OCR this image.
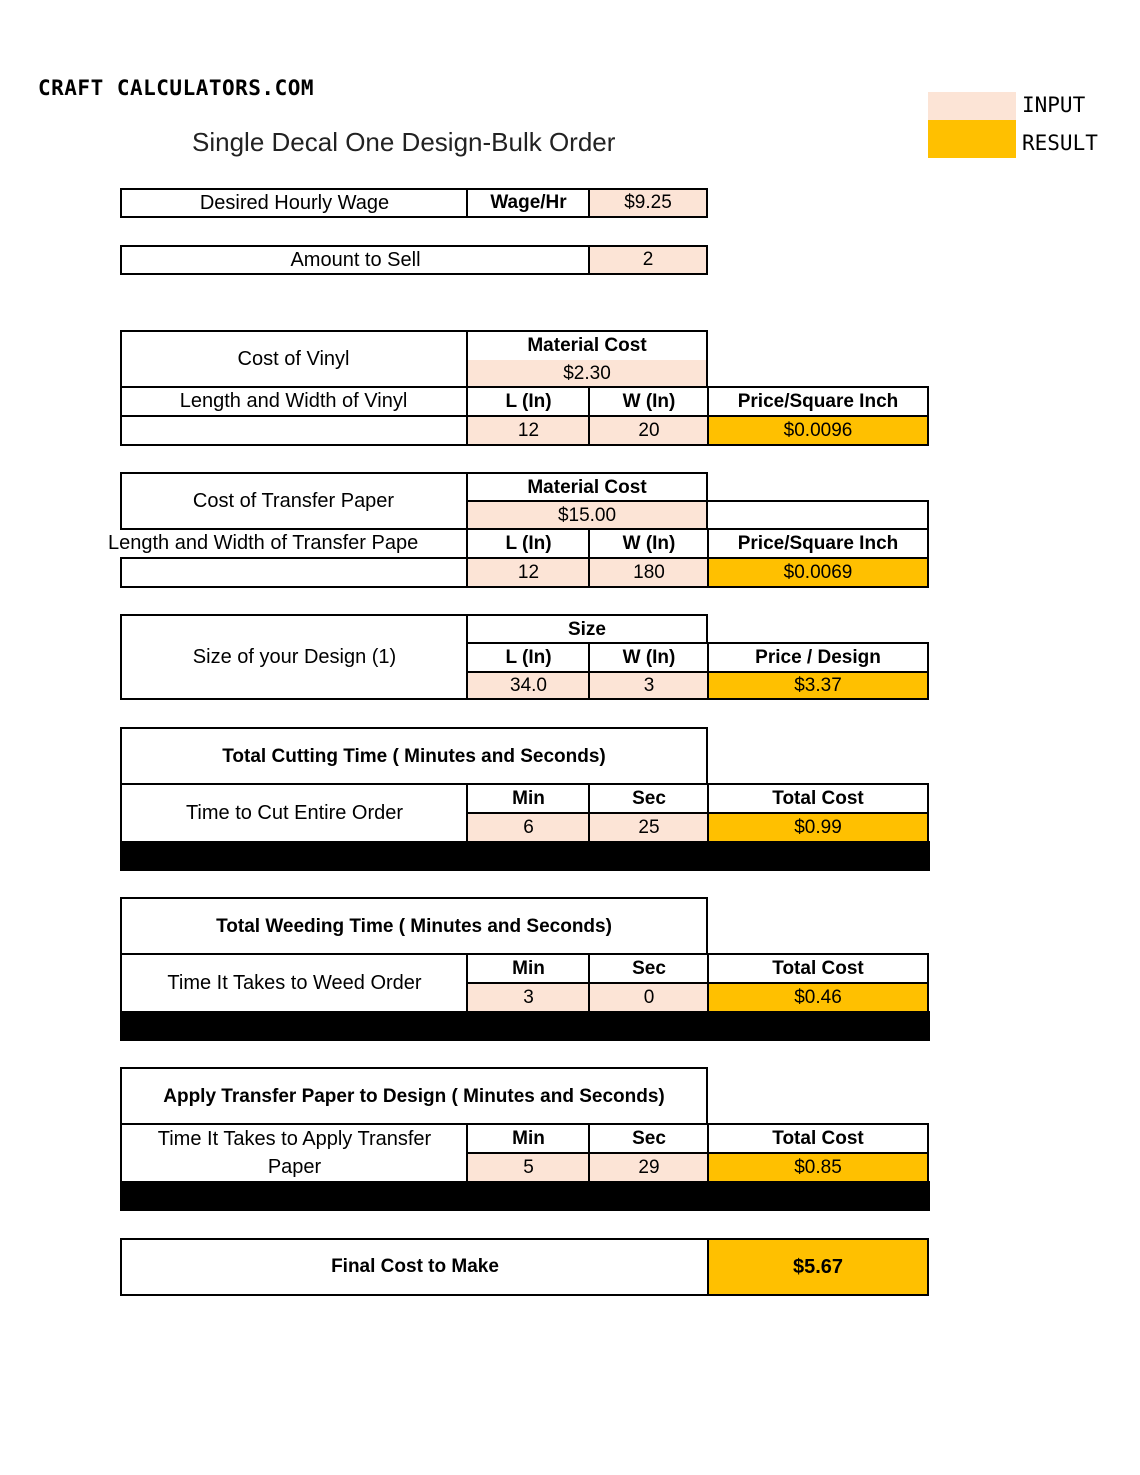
CRAFT CALCULATORS.COM
Single Decal One Design-Bulk Order
INPUT
RESULT
Desired Hourly Wage	Wage/Hr	$9.25
Amount to Sell	2
Cost of Vinyl
Length and Width of Vinyl
Material Cost
$2.30
L (In)	W (In)	Price/Square Inch
12	20	$0.0096
Cost of Transfer Paper
Length and Width of Transfer Pape
Material Cost
$15.00
L (In)	W (In)	Price/Square Inch
12	180	$0.0069
Size of your Design (1)
Size
L (In)	W (In)	Price / Design
34.0	3	$3.37
Total Cutting Time ( Minutes and Seconds)
Time to Cut Entire Order
Min	Sec	Total Cost
6	25	$0.99
Total Weeding Time ( Minutes and Seconds)
Time It Takes to Weed Order
Min	Sec	Total Cost
3	0	$0.46
Apply Transfer Paper to Design ( Minutes and Seconds)
Time It Takes to Apply Transfer
Paper
Min	Sec	Total Cost
5	29	$0.85
Final Cost to Make	$5.67
